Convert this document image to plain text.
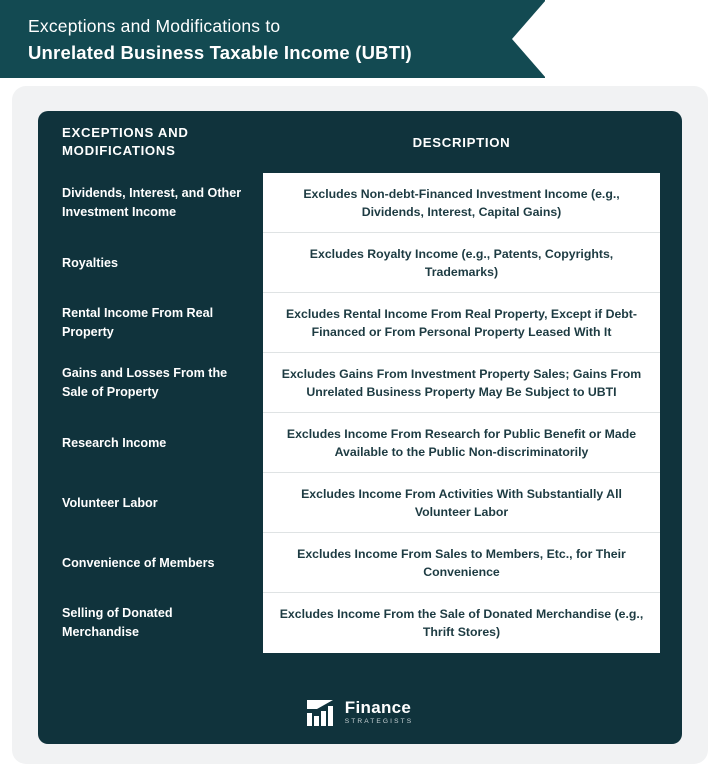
Exceptions and Modifications to
Unrelated Business Taxable Income (UBTI)
EXCEPTIONS AND MODIFICATIONS
DESCRIPTION
Dividends, Interest, and Other Investment Income
Excludes Non-debt-Financed Investment Income (e.g., Dividends, Interest, Capital Gains)
Royalties
Excludes Royalty Income (e.g., Patents, Copyrights, Trademarks)
Rental Income From Real Property
Excludes Rental Income From Real Property, Except if Debt-Financed or From Personal Property Leased With It
Gains and Losses From the Sale of Property
Excludes Gains From Investment Property Sales; Gains From Unrelated Business Property May Be Subject to UBTI
Research Income
Excludes Income From Research for Public Benefit or Made Available to the Public Non-discriminatorily
Volunteer Labor
Excludes Income From Activities With Substantially All Volunteer Labor
Convenience of Members
Excludes Income From Sales to Members, Etc., for Their Convenience
Selling of Donated Merchandise
Excludes Income From the Sale of Donated Merchandise (e.g., Thrift Stores)
Finance
STRATEGISTS
